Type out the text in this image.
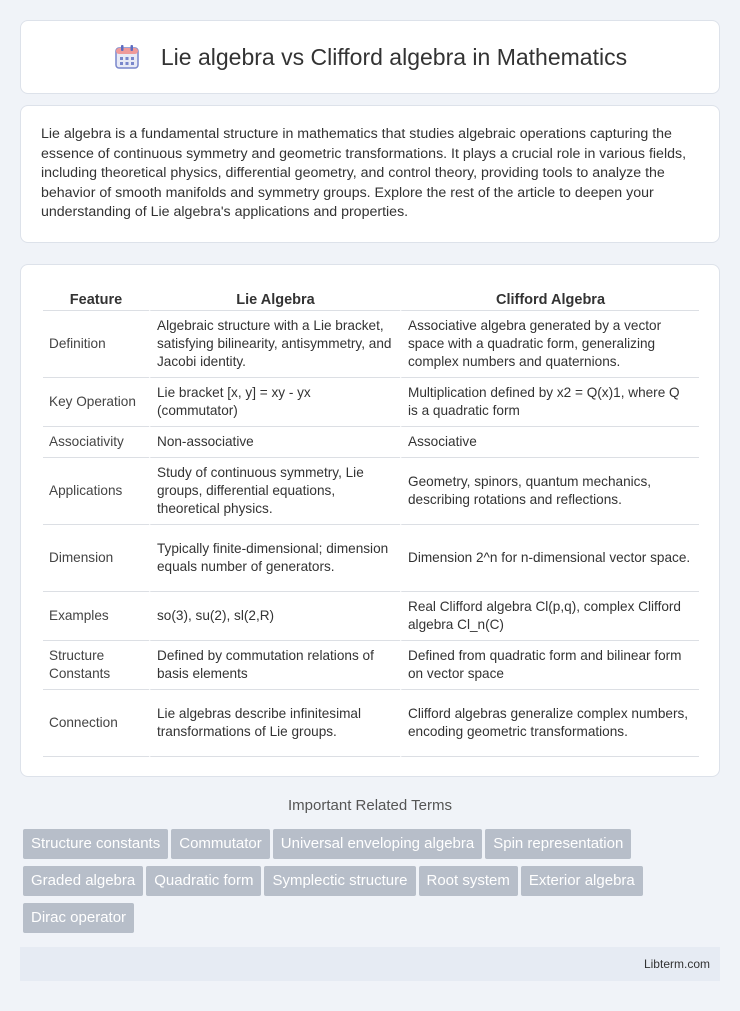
Lie algebra vs Clifford algebra in Mathematics

Lie algebra is a fundamental structure in mathematics that studies algebraic operations capturing the essence of continuous symmetry and geometric transformations. It plays a crucial role in various fields, including theoretical physics, differential geometry, and control theory, providing tools to analyze the behavior of smooth manifolds and symmetry groups. Explore the rest of the article to deepen your understanding of Lie algebra's applications and properties.

Feature	Lie Algebra	Clifford Algebra
Definition	Algebraic structure with a Lie bracket, satisfying bilinearity, antisymmetry, and Jacobi identity.	Associative algebra generated by a vector space with a quadratic form, generalizing complex numbers and quaternions.
Key Operation	Lie bracket [x, y] = xy - yx (commutator)	Multiplication defined by x2 = Q(x)1, where Q is a quadratic form
Associativity	Non-associative	Associative
Applications	Study of continuous symmetry, Lie groups, differential equations, theoretical physics.	Geometry, spinors, quantum mechanics, describing rotations and reflections.
Dimension	Typically finite-dimensional; dimension equals number of generators.	Dimension 2^n for n-dimensional vector space.
Examples	so(3), su(2), sl(2,R)	Real Clifford algebra Cl(p,q), complex Clifford algebra Cl_n(C)
Structure Constants	Defined by commutation relations of basis elements	Defined from quadratic form and bilinear form on vector space
Connection	Lie algebras describe infinitesimal transformations of Lie groups.	Clifford algebras generalize complex numbers, encoding geometric transformations.
Important Related Terms
Structure constants Commutator Universal enveloping algebra Spin representationGraded algebra Quadratic form Symplectic structure Root system Exterior algebraDirac operator
Libterm.com
